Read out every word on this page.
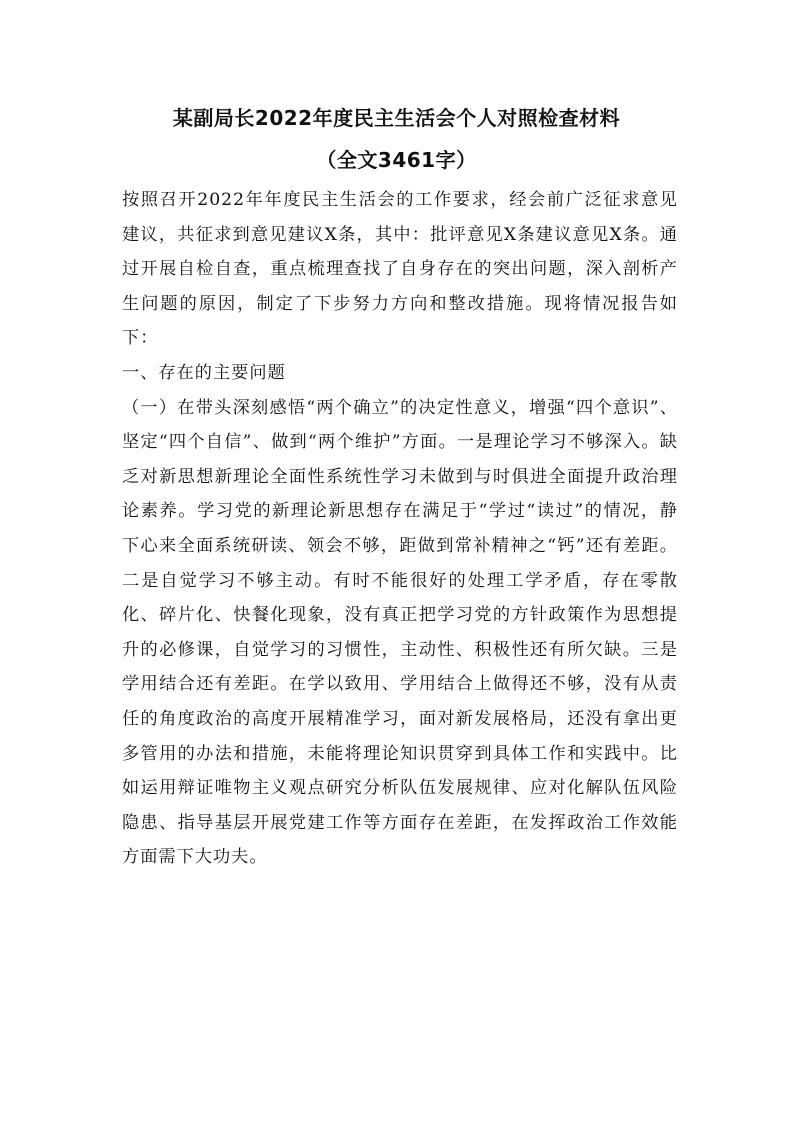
某副局长2022年度民主生活会个人对照检查材料
（全文3461字）

按照召开2022年年度民主生活会的工作要求，经会前广泛征求意见建议，共征求到意见建议X条，其中：批评意见X条建议意见X条。通过开展自检自查，重点梳理查找了自身存在的突出问题，深入剖析产生问题的原因，制定了下步努力方向和整改措施。现将情况报告如下：

一、存在的主要问题

（一）在带头深刻感悟“两个确立”的决定性意义，增强“四个意识”、坚定“四个自信”、做到“两个维护”方面。一是理论学习不够深入。缺乏对新思想新理论全面性系统性学习未做到与时俱进全面提升政治理论素养。学习党的新理论新思想存在满足于“学过“读过”的情况，静下心来全面系统研读、领会不够，距做到常补精神之“钙”还有差距。二是自觉学习不够主动。有时不能很好的处理工学矛盾，存在零散化、碎片化、快餐化现象，没有真正把学习党的方针政策作为思想提升的必修课，自觉学习的习惯性，主动性、积极性还有所欠缺。三是学用结合还有差距。在学以致用、学用结合上做得还不够，没有从责任的角度政治的高度开展精准学习，面对新发展格局，还没有拿出更多管用的办法和措施，未能将理论知识贯穿到具体工作和实践中。比如运用辩证唯物主义观点研究分析队伍发展规律、应对化解队伍风险隐患、指导基层开展党建工作等方面存在差距，在发挥政治工作效能方面需下大功夫。
